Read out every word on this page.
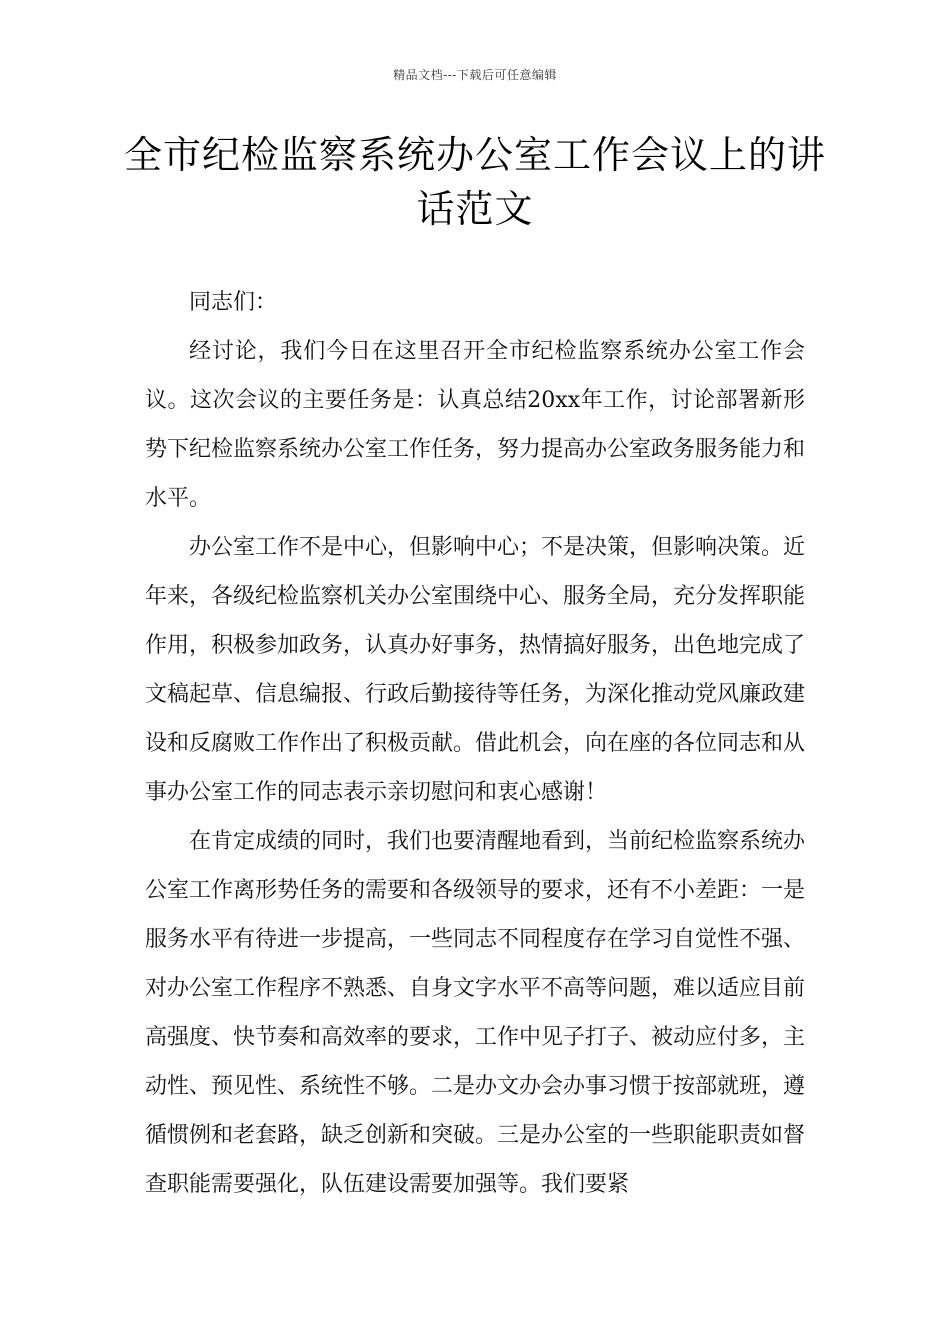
精品文档---下载后可任意编辑
全市纪检监察系统办公室工作会议上的讲话范文

同志们：

经讨论，我们今日在这里召开全市纪检监察系统办公室工作会议。这次会议的主要任务是：认真总结20xx年工作，讨论部署新形势下纪检监察系统办公室工作任务，努力提高办公室政务服务能力和水平。

办公室工作不是中心，但影响中心；不是决策，但影响决策。近年来，各级纪检监察机关办公室围绕中心、服务全局，充分发挥职能作用，积极参加政务，认真办好事务，热情搞好服务，出色地完成了文稿起草、信息编报、行政后勤接待等任务，为深化推动党风廉政建设和反腐败工作作出了积极贡献。借此机会，向在座的各位同志和从事办公室工作的同志表示亲切慰问和衷心感谢！

在肯定成绩的同时，我们也要清醒地看到，当前纪检监察系统办公室工作离形势任务的需要和各级领导的要求，还有不小差距：一是服务水平有待进一步提高，一些同志不同程度存在学习自觉性不强、对办公室工作程序不熟悉、自身文字水平不高等问题，难以适应目前高强度、快节奏和高效率的要求，工作中见子打子、被动应付多，主动性、预见性、系统性不够。二是办文办会办事习惯于按部就班，遵循惯例和老套路，缺乏创新和突破。三是办公室的一些职能职责如督查职能需要强化，队伍建设需要加强等。我们要紧
